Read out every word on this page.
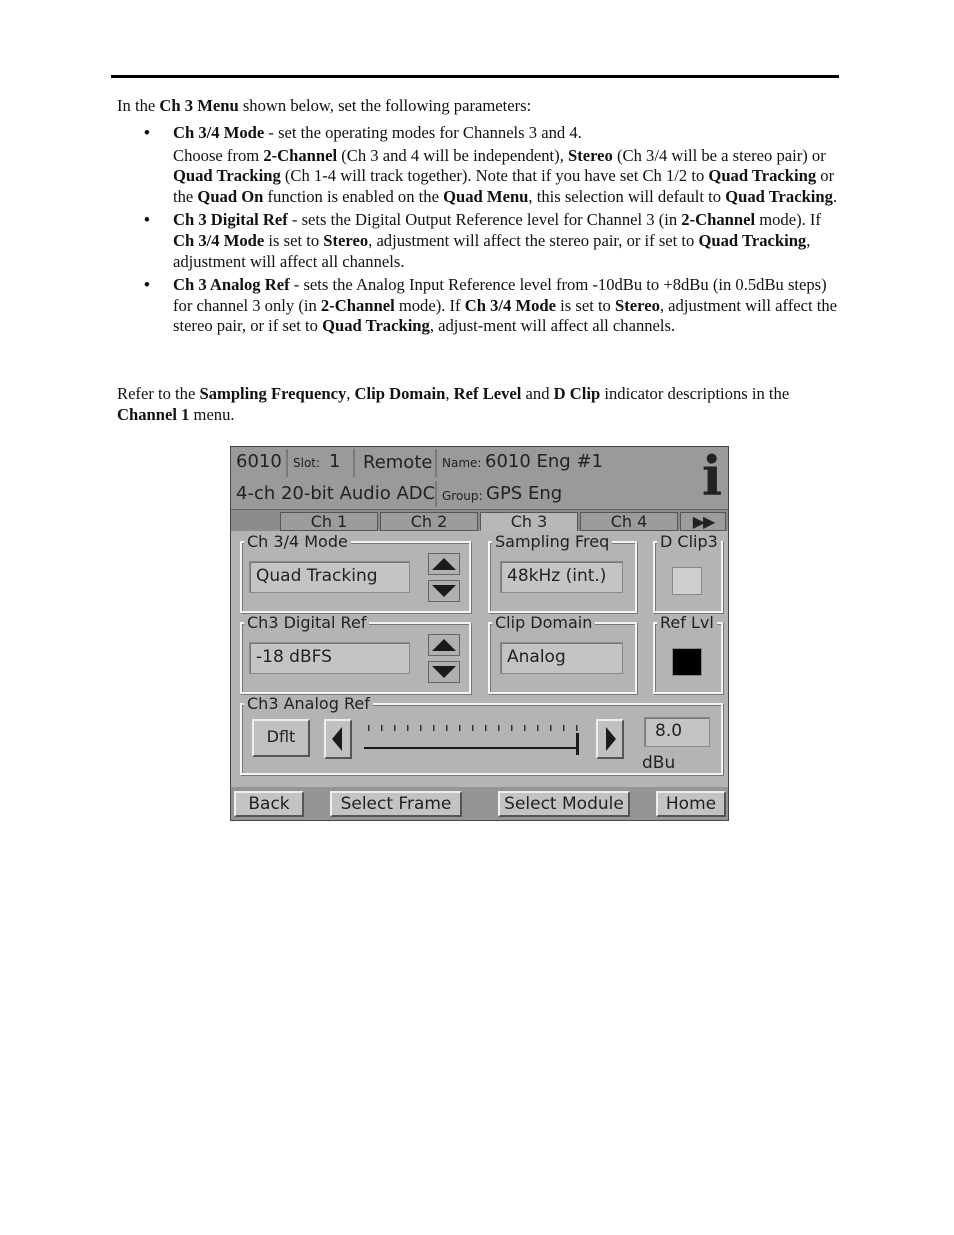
In the Ch 3 Menu shown below, set the following parameters:
• Ch 3/4 Mode - set the operating modes for Channels 3 and 4.
Choose from 2-Channel (Ch 3 and 4 will be independent), Stereo (Ch 3/4 will be a stereo pair) or Quad Tracking (Ch 1-4 will track together). Note that if you have set Ch 1/2 to Quad Tracking or the Quad On function is enabled on the Quad Menu, this selection will default to Quad Tracking.
• Ch 3 Digital Ref - sets the Digital Output Reference level for Channel 3 (in 2-Channel mode). If Ch 3/4 Mode is set to Stereo, adjustment will affect the stereo pair, or if set to Quad Tracking, adjustment will affect all channels.
• Ch 3 Analog Ref - sets the Analog Input Reference level from -10dBu to +8dBu (in 0.5dBu steps) for channel 3 only (in 2-Channel mode). If Ch 3/4 Mode is set to Stereo, adjustment will affect the stereo pair, or if set to Quad Tracking, adjust-ment will affect all channels.
Refer to the Sampling Frequency, Clip Domain, Ref Level and D Clip indicator descriptions in the Channel 1 menu.
6010 Slot: 1 Remote Name: 6010 Eng #1
4-ch 20-bit Audio ADC Group: GPS Eng	i
Ch 1	Ch 2	Ch 3	Ch 4	▶▶
Ch 3/4 Mode
Quad Tracking
Sampling Freq
48kHz (int.)
D Clip3
Ch3 Digital Ref
-18 dBFS
Clip Domain
Analog
Ref Lvl
Ch3 Analog Ref
Dflt	8.0
dBu
Back	Select Frame	Select Module	Home
